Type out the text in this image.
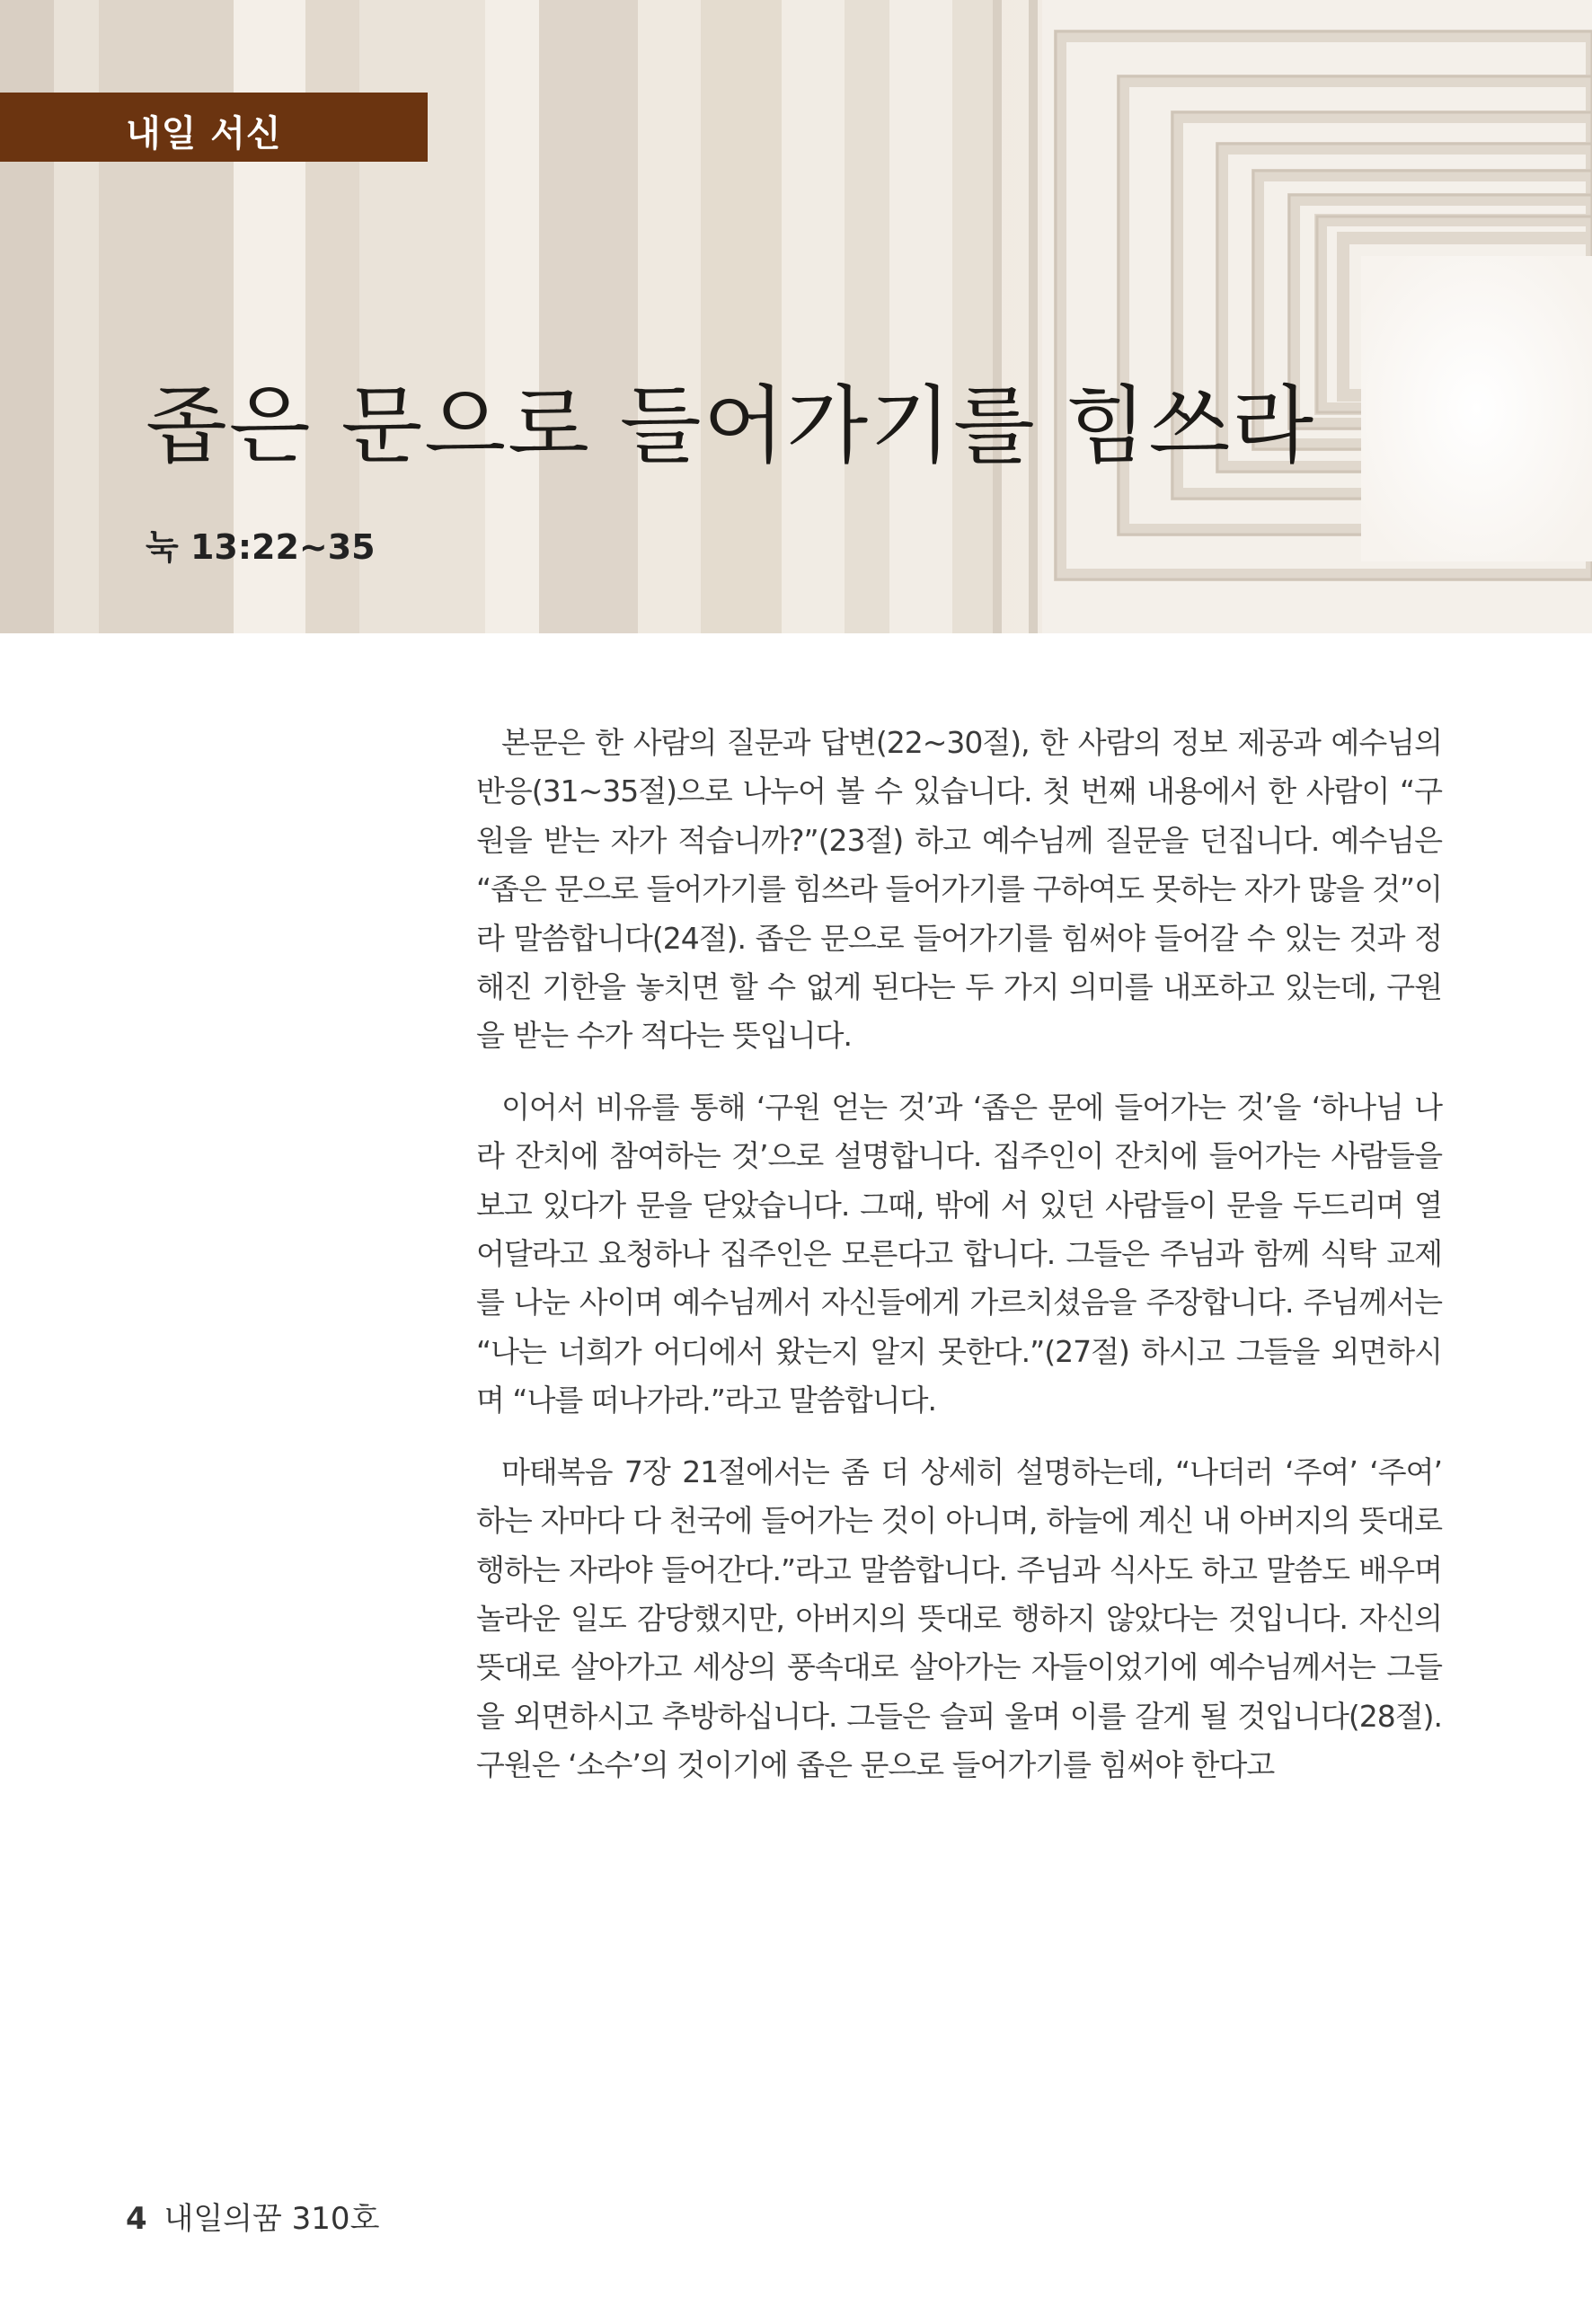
내일 서신
좁은 문으로 들어가기를 힘쓰라
눅 13:22~35

본문은 한 사람의 질문과 답변(22~30절), 한 사람의 정보 제공과 예수님의 반응(31~35절)으로 나누어 볼 수 있습니다. 첫 번째 내용에서 한 사람이 “구원을 받는 자가 적습니까?”(23절) 하고 예수님께 질문을 던집니다. 예수님은 “좁은 문으로 들어가기를 힘쓰라 들어가기를 구하여도 못하는 자가 많을 것”이라 말씀합니다(24절). 좁은 문으로 들어가기를 힘써야 들어갈 수 있는 것과 정해진 기한을 놓치면 할 수 없게 된다는 두 가지 의미를 내포하고 있는데, 구원을 받는 수가 적다는 뜻입니다.

이어서 비유를 통해 ‘구원 얻는 것’과 ‘좁은 문에 들어가는 것’을 ‘하나님 나라 잔치에 참여하는 것’으로 설명합니다. 집주인이 잔치에 들어가는 사람들을 보고 있다가 문을 닫았습니다. 그때, 밖에 서 있던 사람들이 문을 두드리며 열어달라고 요청하나 집주인은 모른다고 합니다. 그들은 주님과 함께 식탁 교제를 나눈 사이며 예수님께서 자신들에게 가르치셨음을 주장합니다. 주님께서는 “나는 너희가 어디에서 왔는지 알지 못한다.”(27절) 하시고 그들을 외면하시며 “나를 떠나가라.”라고 말씀합니다.

마태복음 7장 21절에서는 좀 더 상세히 설명하는데, “나더러 ‘주여’ ‘주여’ 하는 자마다 다 천국에 들어가는 것이 아니며, 하늘에 계신 내 아버지의 뜻대로 행하는 자라야 들어간다.”라고 말씀합니다. 주님과 식사도 하고 말씀도 배우며 놀라운 일도 감당했지만, 아버지의 뜻대로 행하지 않았다는 것입니다. 자신의 뜻대로 살아가고 세상의 풍속대로 살아가는 자들이었기에 예수님께서는 그들을 외면하시고 추방하십니다. 그들은 슬피 울며 이를 갈게 될 것입니다(28절). 구원은 ‘소수’의 것이기에 좁은 문으로 들어가기를 힘써야 한다고

4 내일의꿈 310호
